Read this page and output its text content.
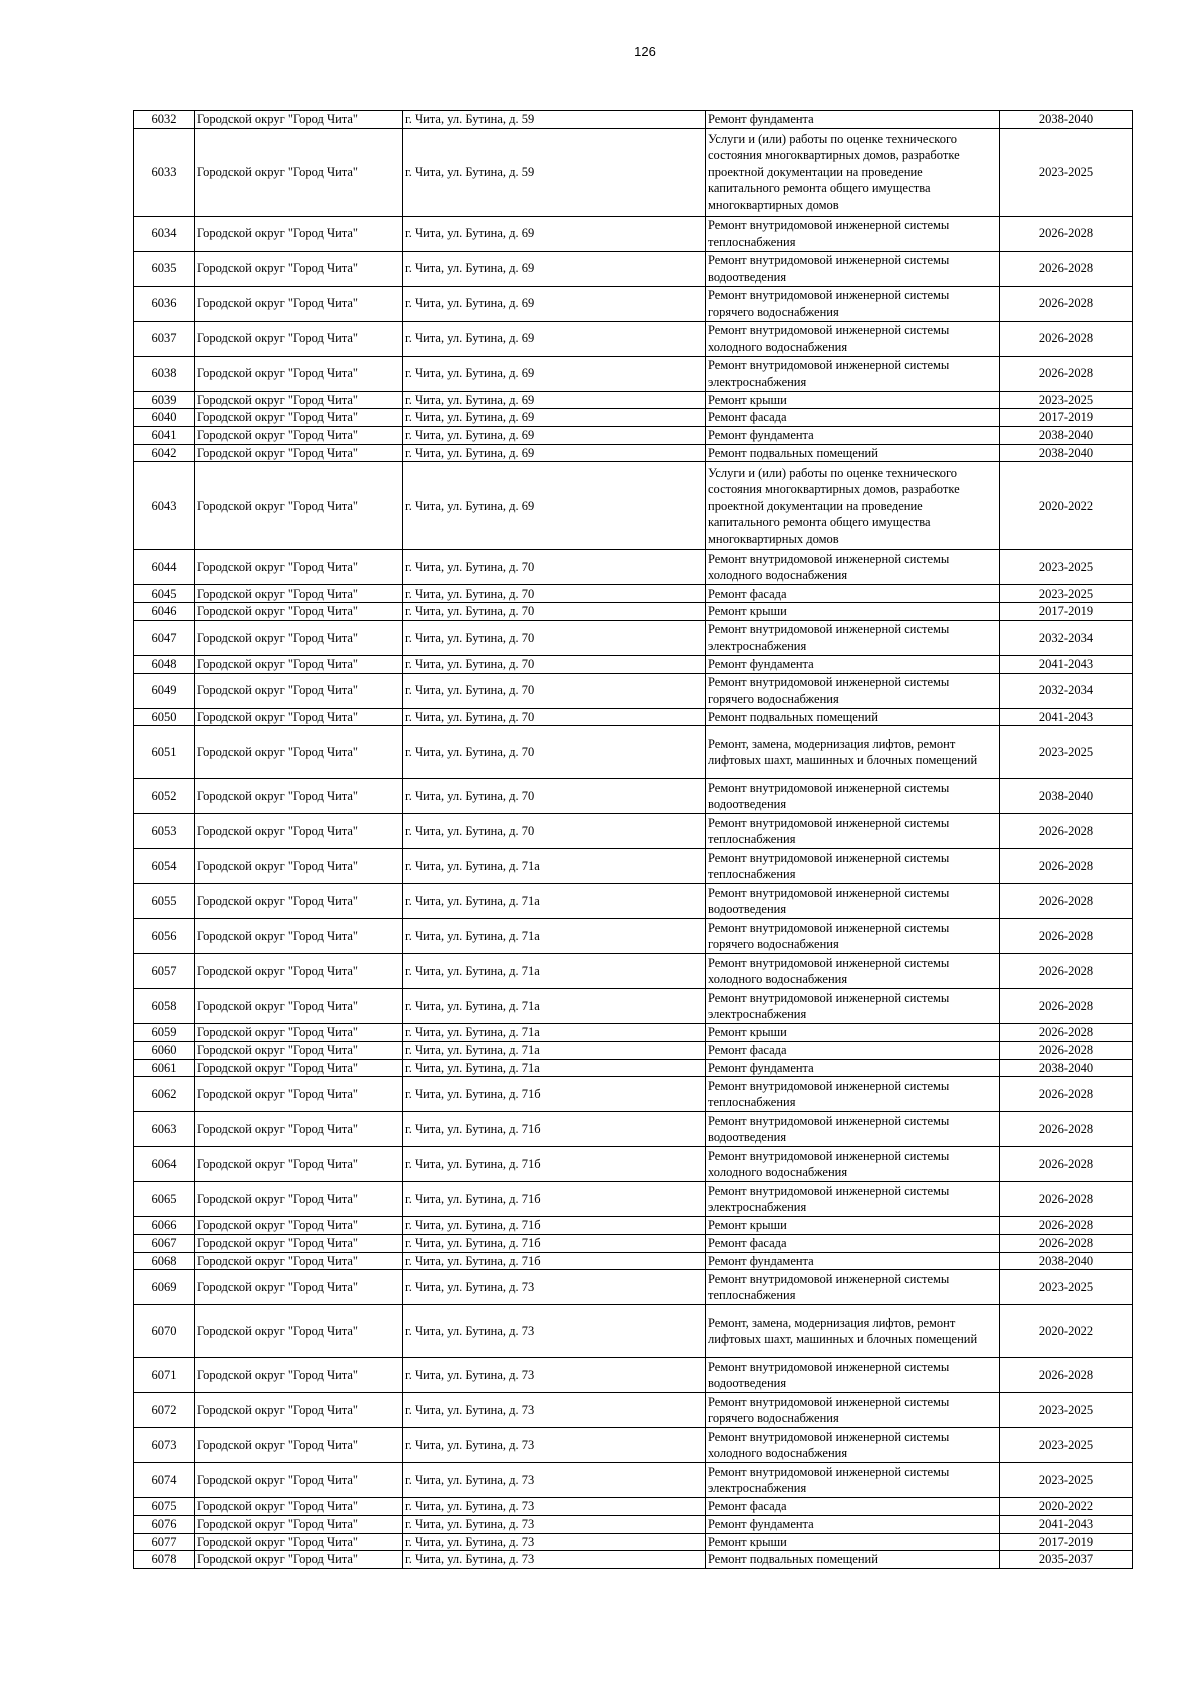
126
6032	Городской округ "Город Чита"	г. Чита, ул. Бутина, д. 59	Ремонт фундамента	2038-2040
6033	Городской округ "Город Чита"	г. Чита, ул. Бутина, д. 59	Услуги и (или) работы по оценке технического состояния многоквартирных домов, разработке проектной документации на проведение капитального ремонта общего имущества многоквартирных домов	2023-2025
6034	Городской округ "Город Чита"	г. Чита, ул. Бутина, д. 69	Ремонт внутридомовой инженерной системы теплоснабжения	2026-2028
6035	Городской округ "Город Чита"	г. Чита, ул. Бутина, д. 69	Ремонт внутридомовой инженерной системы водоотведения	2026-2028
6036	Городской округ "Город Чита"	г. Чита, ул. Бутина, д. 69	Ремонт внутридомовой инженерной системы горячего водоснабжения	2026-2028
6037	Городской округ "Город Чита"	г. Чита, ул. Бутина, д. 69	Ремонт внутридомовой инженерной системы холодного водоснабжения	2026-2028
6038	Городской округ "Город Чита"	г. Чита, ул. Бутина, д. 69	Ремонт внутридомовой инженерной системы электроснабжения	2026-2028
6039	Городской округ "Город Чита"	г. Чита, ул. Бутина, д. 69	Ремонт крыши	2023-2025
6040	Городской округ "Город Чита"	г. Чита, ул. Бутина, д. 69	Ремонт фасада	2017-2019
6041	Городской округ "Город Чита"	г. Чита, ул. Бутина, д. 69	Ремонт фундамента	2038-2040
6042	Городской округ "Город Чита"	г. Чита, ул. Бутина, д. 69	Ремонт подвальных помещений	2038-2040
6043	Городской округ "Город Чита"	г. Чита, ул. Бутина, д. 69	Услуги и (или) работы по оценке технического состояния многоквартирных домов, разработке проектной документации на проведение капитального ремонта общего имущества многоквартирных домов	2020-2022
6044	Городской округ "Город Чита"	г. Чита, ул. Бутина, д. 70	Ремонт внутридомовой инженерной системы холодного водоснабжения	2023-2025
6045	Городской округ "Город Чита"	г. Чита, ул. Бутина, д. 70	Ремонт фасада	2023-2025
6046	Городской округ "Город Чита"	г. Чита, ул. Бутина, д. 70	Ремонт крыши	2017-2019
6047	Городской округ "Город Чита"	г. Чита, ул. Бутина, д. 70	Ремонт внутридомовой инженерной системы электроснабжения	2032-2034
6048	Городской округ "Город Чита"	г. Чита, ул. Бутина, д. 70	Ремонт фундамента	2041-2043
6049	Городской округ "Город Чита"	г. Чита, ул. Бутина, д. 70	Ремонт внутридомовой инженерной системы горячего водоснабжения	2032-2034
6050	Городской округ "Город Чита"	г. Чита, ул. Бутина, д. 70	Ремонт подвальных помещений	2041-2043
6051	Городской округ "Город Чита"	г. Чита, ул. Бутина, д. 70	Ремонт, замена, модернизация лифтов, ремонт лифтовых шахт, машинных и блочных помещений	2023-2025
6052	Городской округ "Город Чита"	г. Чита, ул. Бутина, д. 70	Ремонт внутридомовой инженерной системы водоотведения	2038-2040
6053	Городской округ "Город Чита"	г. Чита, ул. Бутина, д. 70	Ремонт внутридомовой инженерной системы теплоснабжения	2026-2028
6054	Городской округ "Город Чита"	г. Чита, ул. Бутина, д. 71а	Ремонт внутридомовой инженерной системы теплоснабжения	2026-2028
6055	Городской округ "Город Чита"	г. Чита, ул. Бутина, д. 71а	Ремонт внутридомовой инженерной системы водоотведения	2026-2028
6056	Городской округ "Город Чита"	г. Чита, ул. Бутина, д. 71а	Ремонт внутридомовой инженерной системы горячего водоснабжения	2026-2028
6057	Городской округ "Город Чита"	г. Чита, ул. Бутина, д. 71а	Ремонт внутридомовой инженерной системы холодного водоснабжения	2026-2028
6058	Городской округ "Город Чита"	г. Чита, ул. Бутина, д. 71а	Ремонт внутридомовой инженерной системы электроснабжения	2026-2028
6059	Городской округ "Город Чита"	г. Чита, ул. Бутина, д. 71а	Ремонт крыши	2026-2028
6060	Городской округ "Город Чита"	г. Чита, ул. Бутина, д. 71а	Ремонт фасада	2026-2028
6061	Городской округ "Город Чита"	г. Чита, ул. Бутина, д. 71а	Ремонт фундамента	2038-2040
6062	Городской округ "Город Чита"	г. Чита, ул. Бутина, д. 71б	Ремонт внутридомовой инженерной системы теплоснабжения	2026-2028
6063	Городской округ "Город Чита"	г. Чита, ул. Бутина, д. 71б	Ремонт внутридомовой инженерной системы водоотведения	2026-2028
6064	Городской округ "Город Чита"	г. Чита, ул. Бутина, д. 71б	Ремонт внутридомовой инженерной системы холодного водоснабжения	2026-2028
6065	Городской округ "Город Чита"	г. Чита, ул. Бутина, д. 71б	Ремонт внутридомовой инженерной системы электроснабжения	2026-2028
6066	Городской округ "Город Чита"	г. Чита, ул. Бутина, д. 71б	Ремонт крыши	2026-2028
6067	Городской округ "Город Чита"	г. Чита, ул. Бутина, д. 71б	Ремонт фасада	2026-2028
6068	Городской округ "Город Чита"	г. Чита, ул. Бутина, д. 71б	Ремонт фундамента	2038-2040
6069	Городской округ "Город Чита"	г. Чита, ул. Бутина, д. 73	Ремонт внутридомовой инженерной системы теплоснабжения	2023-2025
6070	Городской округ "Город Чита"	г. Чита, ул. Бутина, д. 73	Ремонт, замена, модернизация лифтов, ремонт лифтовых шахт, машинных и блочных помещений	2020-2022
6071	Городской округ "Город Чита"	г. Чита, ул. Бутина, д. 73	Ремонт внутридомовой инженерной системы водоотведения	2026-2028
6072	Городской округ "Город Чита"	г. Чита, ул. Бутина, д. 73	Ремонт внутридомовой инженерной системы горячего водоснабжения	2023-2025
6073	Городской округ "Город Чита"	г. Чита, ул. Бутина, д. 73	Ремонт внутридомовой инженерной системы холодного водоснабжения	2023-2025
6074	Городской округ "Город Чита"	г. Чита, ул. Бутина, д. 73	Ремонт внутридомовой инженерной системы электроснабжения	2023-2025
6075	Городской округ "Город Чита"	г. Чита, ул. Бутина, д. 73	Ремонт фасада	2020-2022
6076	Городской округ "Город Чита"	г. Чита, ул. Бутина, д. 73	Ремонт фундамента	2041-2043
6077	Городской округ "Город Чита"	г. Чита, ул. Бутина, д. 73	Ремонт крыши	2017-2019
6078	Городской округ "Город Чита"	г. Чита, ул. Бутина, д. 73	Ремонт подвальных помещений	2035-2037
